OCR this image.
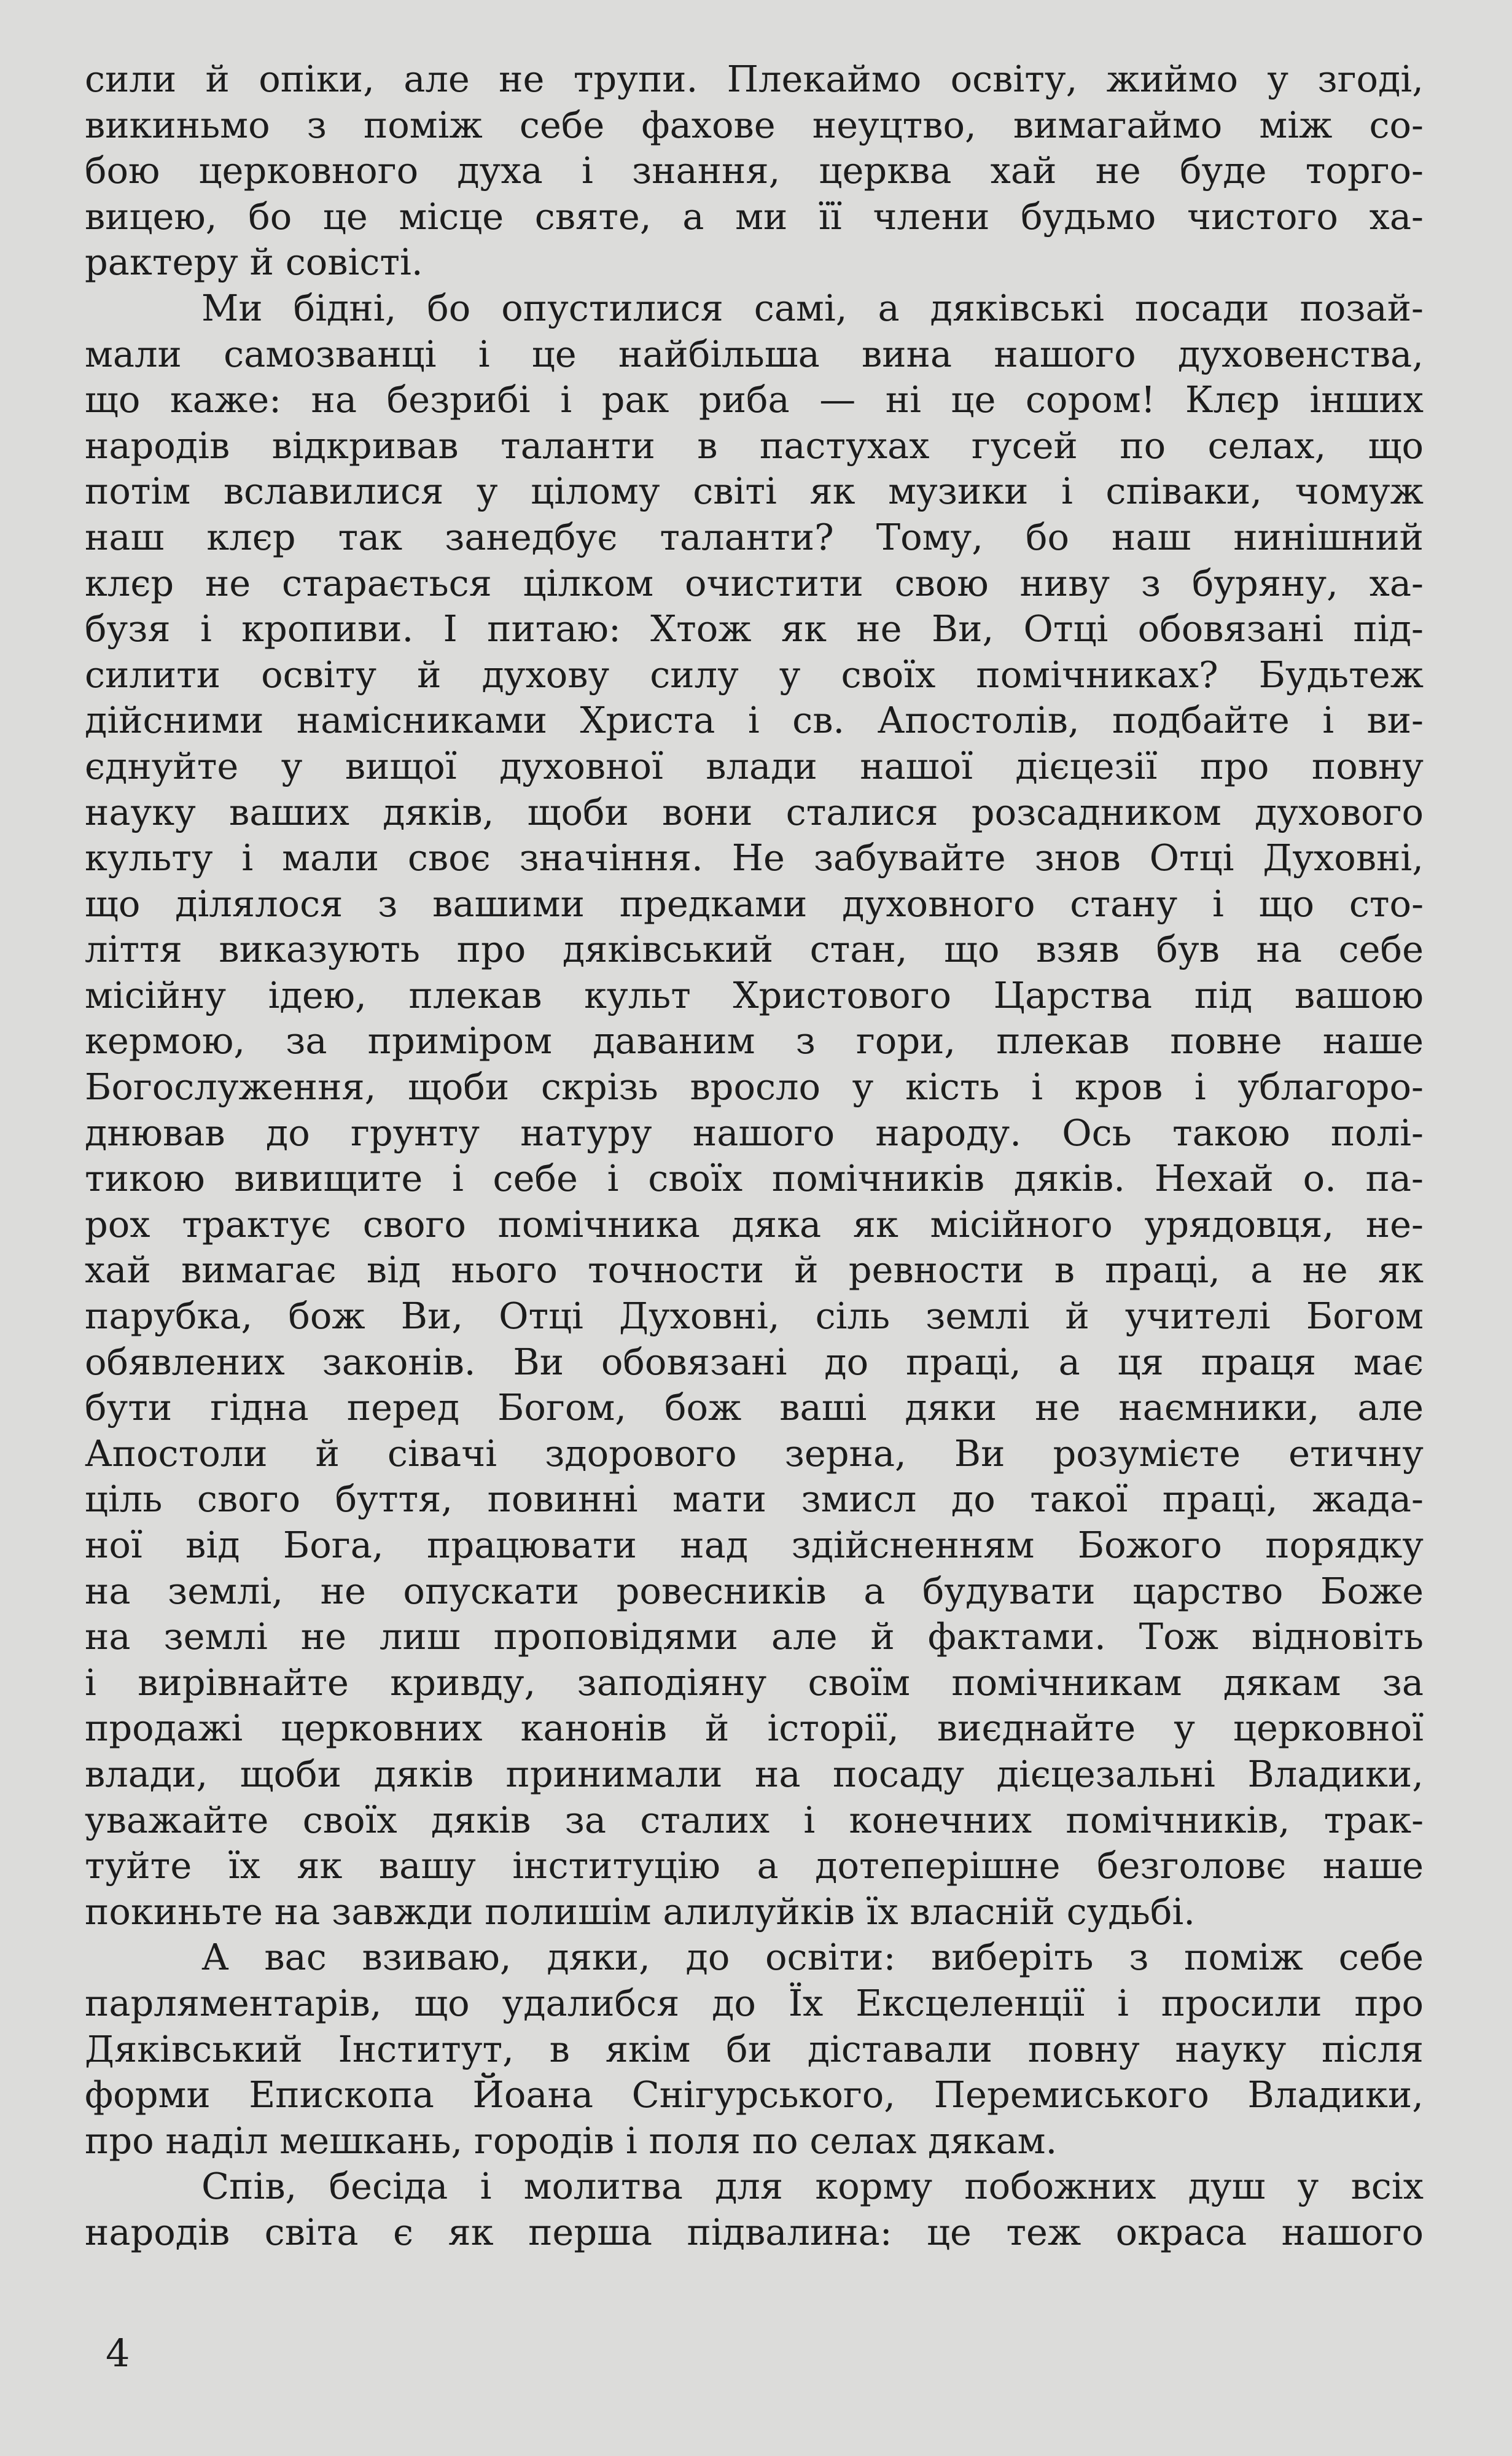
сили й опіки, але не трупи. Плекаймо освіту, жиймо у згоді,
викиньмо з поміж себе фахове неуцтво, вимагаймо між со-
бою церковного духа і знання, церква хай не буде торго-
вицею, бо це місце святе, а ми її члени будьмо чистого ха-
рактеру й совісті.
Ми бідні, бо опустилися самі, а дяківські посади позай-
мали самозванці і це найбільша вина нашого духовенства,
що каже: на безрибі і рак риба — ні це сором! Клєр інших
народів відкривав таланти в пастухах гусей по селах, що
потім вславилися у цілому світі як музики і співаки, чомуж
наш клєр так занедбує таланти? Тому, бо наш нинішний
клєр не старається цілком очистити свою ниву з буряну, ха-
бузя і кропиви. І питаю: Хтож як не Ви, Отці обовязані під-
силити освіту й духову силу у своїх помічниках? Будьтеж
дійсними намісниками Христа і св. Апостолів, подбайте і ви-
єднуйте у вищої духовної влади нашої дієцезії про повну
науку ваших дяків, щоби вони сталися розсадником духового
культу і мали своє значіння. Не забувайте знов Отці Духовні,
що ділялося з вашими предками духовного стану і що сто-
ліття виказують про дяківський стан, що взяв був на себе
місійну ідею, плекав культ Христового Царства під вашою
кермою, за приміром даваним з гори, плекав повне наше
Богослуження, щоби скрізь вросло у кість і кров і ублагоро-
днював до грунту натуру нашого народу. Ось такою полі-
тикою вивищите і себе і своїх помічників дяків. Нехай о. па-
рох трактує свого помічника дяка як місійного урядовця, не-
хай вимагає від нього точности й ревности в праці, а не як
парубка, бож Ви, Отці Духовні, сіль землі й учителі Богом
обявлених законів. Ви обовязані до праці, а ця праця має
бути гідна перед Богом, бож ваші дяки не наємники, але
Апостоли й сівачі здорового зерна, Ви розумієте етичну
ціль свого буття, повинні мати змисл до такої праці, жада-
ної від Бога, працювати над здійсненням Божого порядку
на землі, не опускати ровесників а будувати царство Боже
на землі не лиш проповідями але й фактами. Тож відновіть
і вирівнайте кривду, заподіяну своїм помічникам дякам за
продажі церковних канонів й історії, виєднайте у церковної
влади, щоби дяків принимали на посаду дієцезальні Владики,
уважайте своїх дяків за сталих і конечних помічників, трак-
туйте їх як вашу інституцію а дотеперішне безголовє наше
покиньте на завжди полишім алилуйків їх власній судьбі.
А вас взиваю, дяки, до освіти: виберіть з поміж себе
парляментарів, що удалибся до Їх Ексцеленції і просили про
Дяківський Інститут, в якім би діставали повну науку після
форми Епископа Йоана Снігурського, Перемиського Владики,
про наділ мешкань, городів і поля по селах дякам.
Спів, бесіда і молитва для корму побожних душ у всіх
народів світа є як перша підвалина: це теж окраса нашого
4
